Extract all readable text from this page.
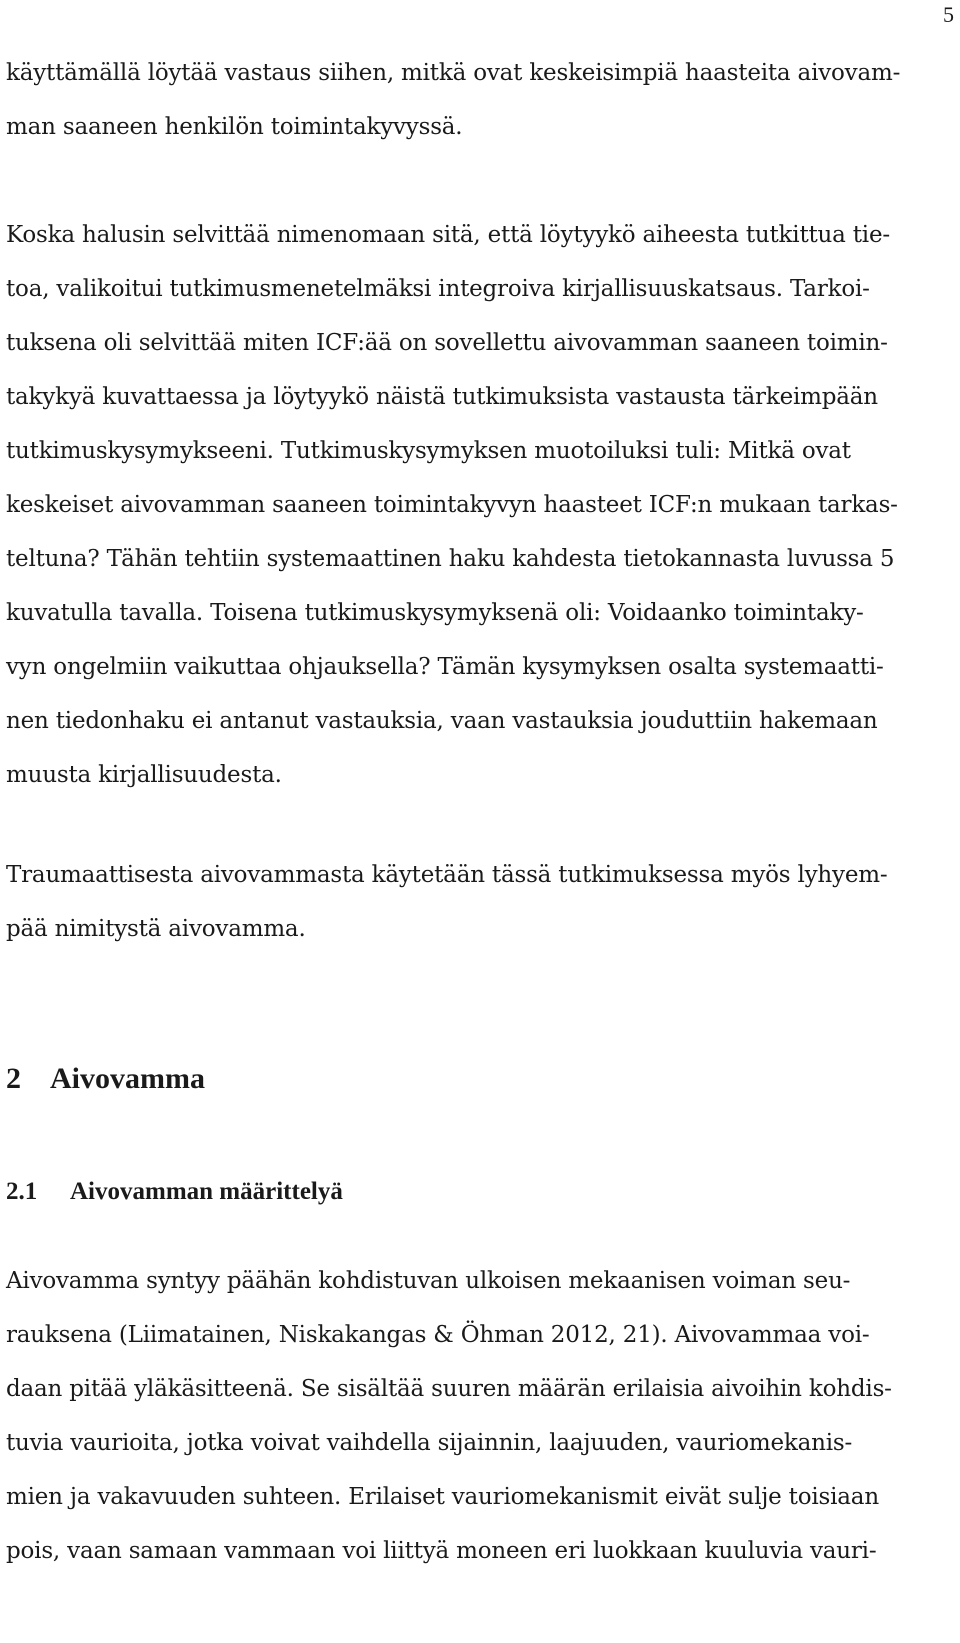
5
käyttämällä löytää vastaus siihen, mitkä ovat keskeisimpiä haasteita aivovam-
man saaneen henkilön toimintakyvyssä.
Koska halusin selvittää nimenomaan sitä, että löytyykö aiheesta tutkittua tie-
toa, valikoitui tutkimusmenetelmäksi integroiva kirjallisuuskatsaus. Tarkoi-
tuksena oli selvittää miten ICF:ää on sovellettu aivovamman saaneen toimin-
takykyä kuvattaessa ja löytyykö näistä tutkimuksista vastausta tärkeimpään
tutkimuskysymykseeni. Tutkimuskysymyksen muotoiluksi tuli: Mitkä ovat
keskeiset aivovamman saaneen toimintakyvyn haasteet ICF:n mukaan tarkas-
teltuna? Tähän tehtiin systemaattinen haku kahdesta tietokannasta luvussa 5
kuvatulla tavalla. Toisena tutkimuskysymyksenä oli: Voidaanko toimintaky-
vyn ongelmiin vaikuttaa ohjauksella? Tämän kysymyksen osalta systemaatti-
nen tiedonhaku ei antanut vastauksia, vaan vastauksia jouduttiin hakemaan
muusta kirjallisuudesta.
Traumaattisesta aivovammasta käytetään tässä tutkimuksessa myös lyhyem-
pää nimitystä aivovamma.
2 Aivovamma
2.1 Aivovamman määrittelyä
Aivovamma syntyy päähän kohdistuvan ulkoisen mekaanisen voiman seu-
rauksena (Liimatainen, Niskakangas & Öhman 2012, 21). Aivovammaa voi-
daan pitää yläkäsitteenä. Se sisältää suuren määrän erilaisia aivoihin kohdis-
tuvia vaurioita, jotka voivat vaihdella sijainnin, laajuuden, vauriomekanis-
mien ja vakavuuden suhteen. Erilaiset vauriomekanismit eivät sulje toisiaan
pois, vaan samaan vammaan voi liittyä moneen eri luokkaan kuuluvia vauri-
